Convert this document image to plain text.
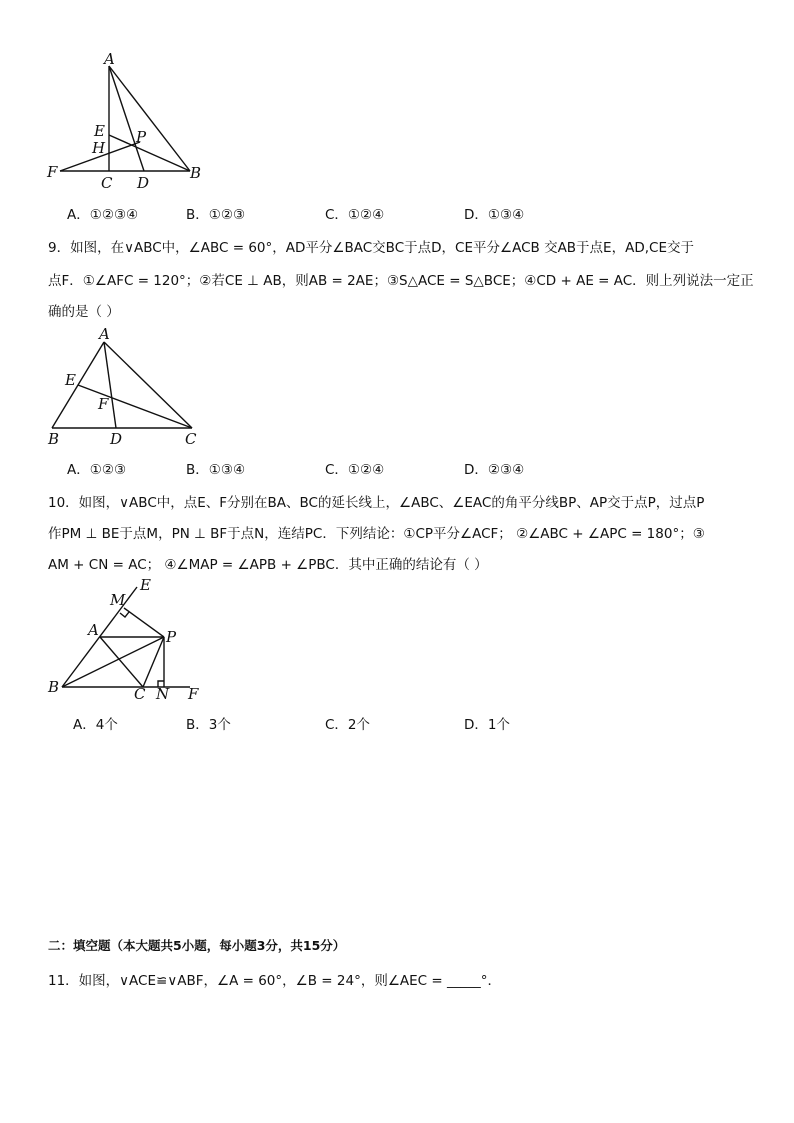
A
E
H
P
F
C D
B
A．①②③④	B．①②③	C．①②④	D．①③④
9．如图，在∨ABC中，∠ABC = 60°，AD平分∠BAC交BC于点D，CE平分∠ACB 交AB于点E，AD,CE交于
点F．①∠AFC = 120°；②若CE ⊥ AB，则AB = 2AE；③S△ACE = S△BCE；④CD + AE = AC．则上列说法一定正
确的是（ ）
A
E
F
B	D	C
A．①②③	B．①③④	C．①②④	D．②③④
10．如图，∨ABC中，点E、F分别在BA、BC的延长线上，∠ABC、∠EAC的角平分线BP、AP交于点P，过点P
作PM ⊥ BE于点M，PN ⊥ BF于点N，连结PC．下列结论：①CP平分∠ACF； ②∠ABC + ∠APC = 180°；③
AM + CN = AC； ④∠MAP = ∠APB + ∠PBC．其中正确的结论有（ ）
E
M
A	P
B	C N F
A．4个	B．3个	C．2个	D．1个
二：填空题（本大题共5小题，每小题3分，共15分）
11．如图，∨ACE≌∨ABF，∠A = 60°，∠B = 24°，则∠AEC = _____°．
